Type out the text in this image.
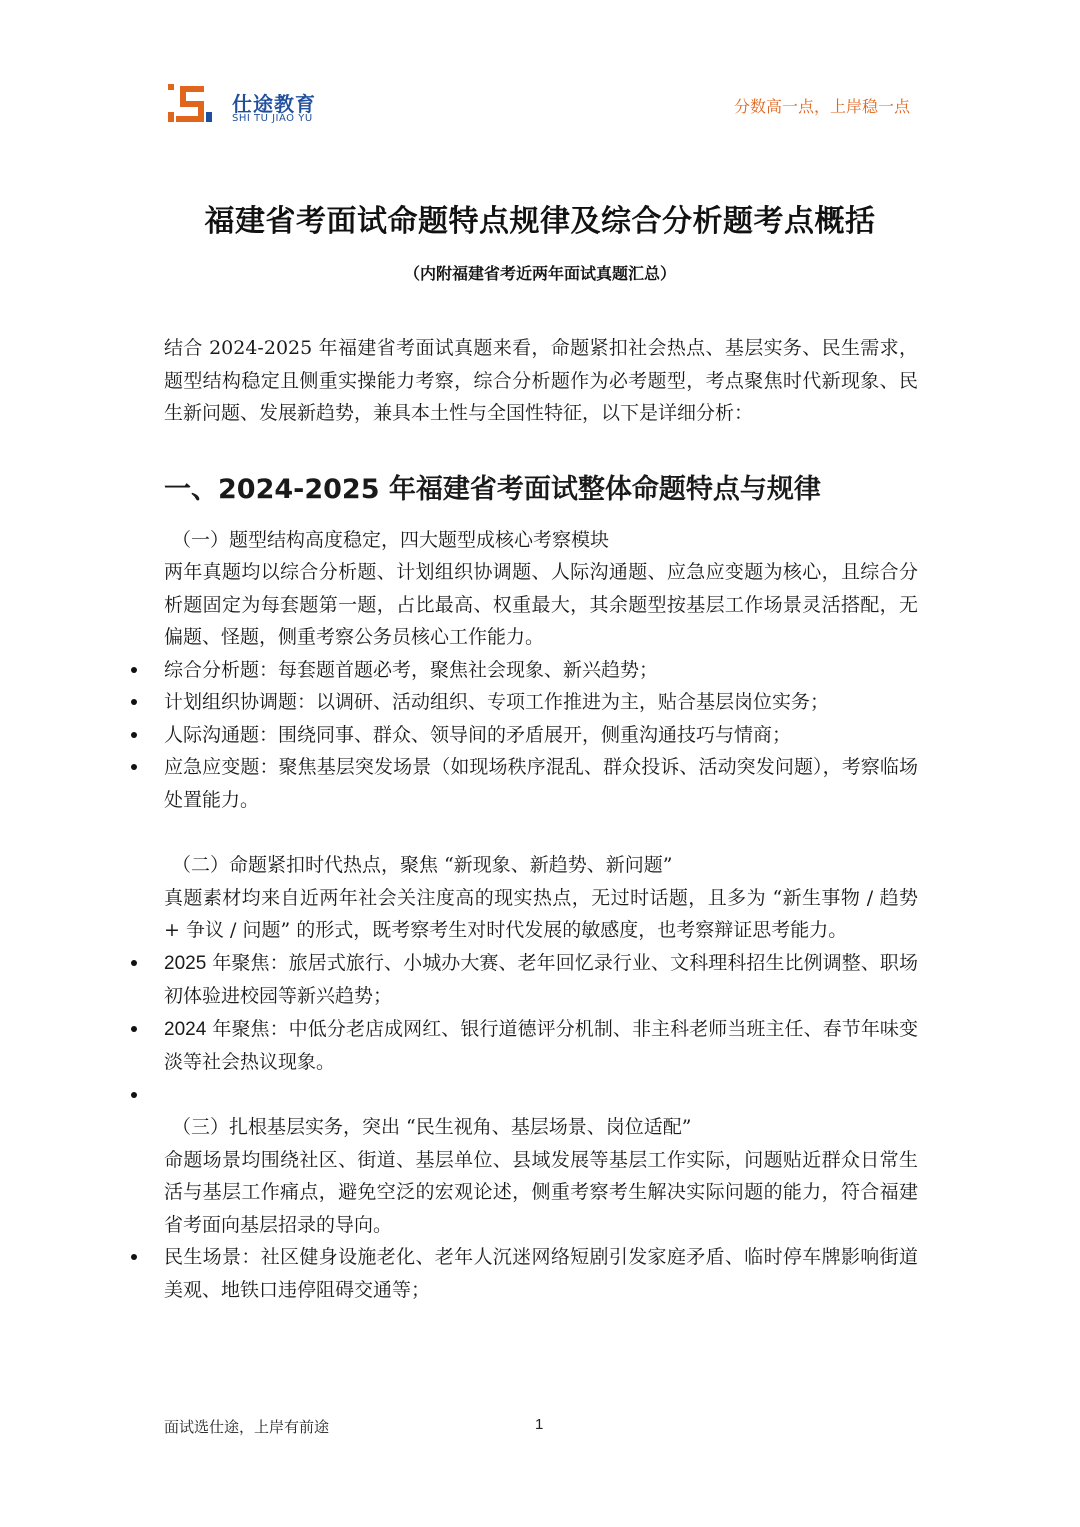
仕途教育
SHI TU JIAO YU
分数高一点，上岸稳一点
福建省考面试命题特点规律及综合分析题考点概括
（内附福建省考近两年面试真题汇总）

结合 2024-2025 年福建省考面试真题来看，命题紧扣社会热点、基层实务、民生需求，题型结构稳定且侧重实操能力考察，综合分析题作为必考题型，考点聚焦时代新现象、民生新问题、发展新趋势，兼具本土性与全国性特征，以下是详细分析：

一、2024-2025 年福建省考面试整体命题特点与规律
（一）题型结构高度稳定，四大题型成核心考察模块

两年真题均以综合分析题、计划组织协调题、人际沟通题、应急应变题为核心，且综合分析题固定为每套题第一题，占比最高、权重最大，其余题型按基层工作场景灵活搭配，无偏题、怪题，侧重考察公务员核心工作能力。

综合分析题：每套题首题必考，聚焦社会现象、新兴趋势；
计划组织协调题：以调研、活动组织、专项工作推进为主，贴合基层岗位实务；
人际沟通题：围绕同事、群众、领导间的矛盾展开，侧重沟通技巧与情商；
应急应变题：聚焦基层突发场景（如现场秩序混乱、群众投诉、活动突发问题），考察临场处置能力。
（二）命题紧扣时代热点，聚焦 “新现象、新趋势、新问题”

真题素材均来自近两年社会关注度高的现实热点，无过时话题，且多为 “新生事物 / 趋势 + 争议 / 问题” 的形式，既考察考生对时代发展的敏感度，也考察辩证思考能力。

2025 年聚焦：旅居式旅行、小城办大赛、老年回忆录行业、文科理科招生比例调整、职场初体验进校园等新兴趋势；
2024 年聚焦：中低分老店成网红、银行道德评分机制、非主科老师当班主任、春节年味变淡等社会热议现象。

（三）扎根基层实务，突出 “民生视角、基层场景、岗位适配”

命题场景均围绕社区、街道、基层单位、县域发展等基层工作实际，问题贴近群众日常生活与基层工作痛点，避免空泛的宏观论述，侧重考察考生解决实际问题的能力，符合福建省考面向基层招录的导向。

民生场景：社区健身设施老化、老年人沉迷网络短剧引发家庭矛盾、临时停车牌影响街道美观、地铁口违停阻碍交通等；
面试选仕途，上岸有前途	1
